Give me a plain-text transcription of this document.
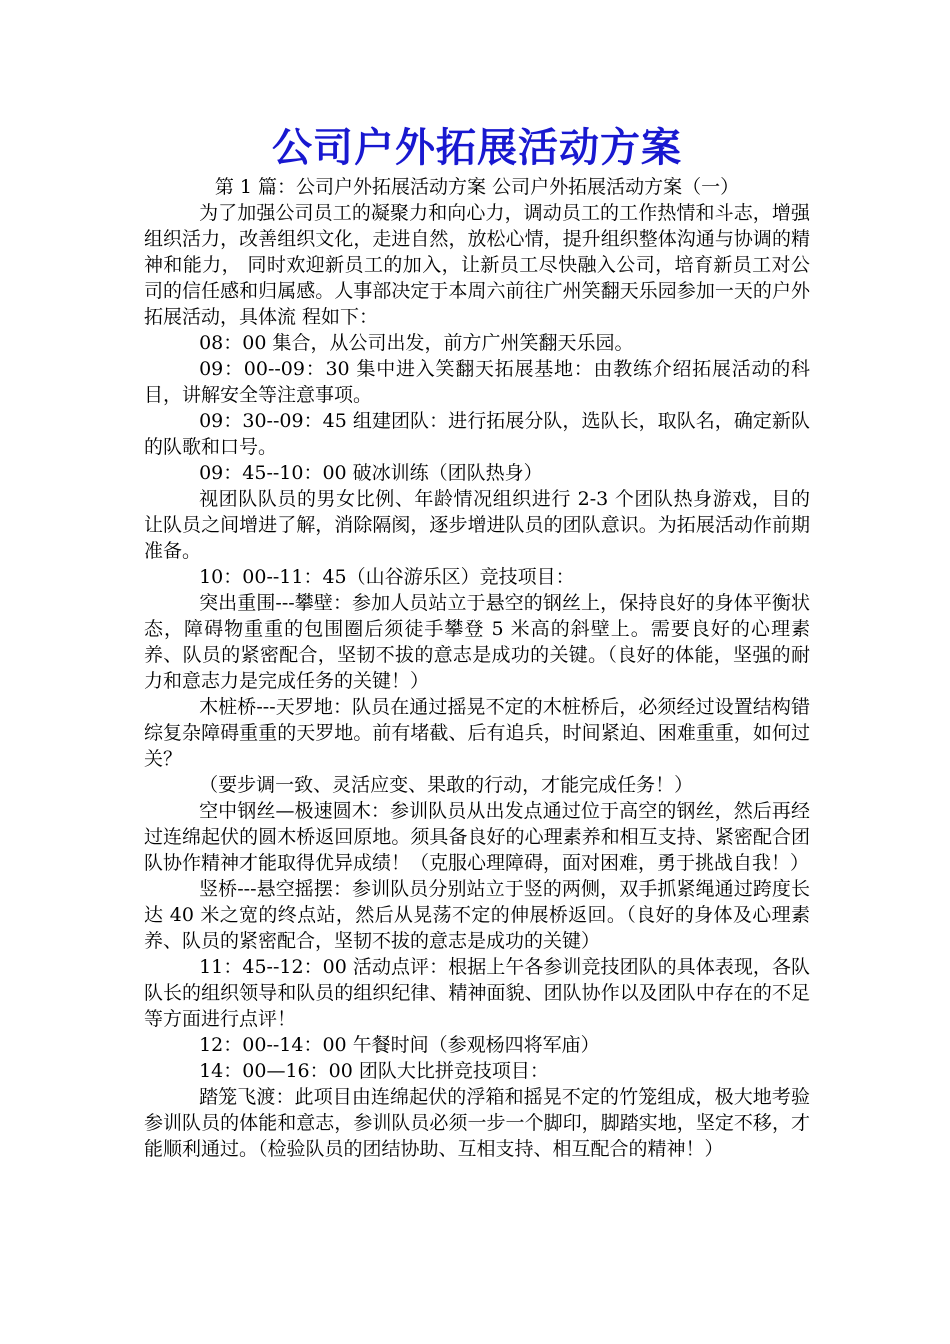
公司户外拓展活动方案

第 1 篇：公司户外拓展活动方案 公司户外拓展活动方案（一）

为了加强公司员工的凝聚力和向心力，调动员工的工作热情和斗志，增强组织活力，改善组织文化，走进自然，放松心情，提升组织整体沟通与协调的精神和能力， 同时欢迎新员工的加入，让新员工尽快融入公司，培育新员工对公司的信任感和归属感。人事部决定于本周六前往广州笑翻天乐园参加一天的户外拓展活动，具体流 程如下：

08：00 集合，从公司出发，前方广州笑翻天乐园。

09：00--09：30 集中进入笑翻天拓展基地：由教练介绍拓展活动的科目，讲解安全等注意事项。

09：30--09：45 组建团队：进行拓展分队，选队长，取队名，确定新队的队歌和口号。

09：45--10：00 破冰训练（团队热身）

视团队队员的男女比例、年龄情况组织进行 2-3 个团队热身游戏，目的让队员之间增进了解，消除隔阂，逐步增进队员的团队意识。为拓展活动作前期准备。

10：00--11：45（山谷游乐区）竞技项目：

突出重围---攀壁：参加人员站立于悬空的钢丝上，保持良好的身体平衡状态，障碍物重重的包围圈后须徒手攀登 5 米高的斜壁上。需要良好的心理素养、队员的紧密配合，坚韧不拔的意志是成功的关键。（良好的体能，坚强的耐力和意志力是完成任务的关键！）

木桩桥---天罗地：队员在通过摇晃不定的木桩桥后，必须经过设置结构错综复杂障碍重重的天罗地。前有堵截、后有追兵，时间紧迫、困难重重，如何过关？

（要步调一致、灵活应变、果敢的行动，才能完成任务！）

空中钢丝—极速圆木：参训队员从出发点通过位于高空的钢丝，然后再经过连绵起伏的圆木桥返回原地。须具备良好的心理素养和相互支持、紧密配合团队协作精神才能取得优异成绩！（克服心理障碍，面对困难，勇于挑战自我！）

竖桥---悬空摇摆：参训队员分别站立于竖的两侧，双手抓紧绳通过跨度长达 40 米之宽的终点站，然后从晃荡不定的伸展桥返回。（良好的身体及心理素养、队员的紧密配合，坚韧不拔的意志是成功的关键）

11：45--12：00 活动点评：根据上午各参训竞技团队的具体表现，各队队长的组织领导和队员的组织纪律、精神面貌、团队协作以及团队中存在的不足等方面进行点评！

12：00--14：00 午餐时间（参观杨四将军庙）

14：00—16：00 团队大比拼竞技项目：

踏笼飞渡：此项目由连绵起伏的浮箱和摇晃不定的竹笼组成，极大地考验参训队员的体能和意志，参训队员必须一步一个脚印，脚踏实地，坚定不移，才能顺利通过。（检验队员的团结协助、互相支持、相互配合的精神！）
